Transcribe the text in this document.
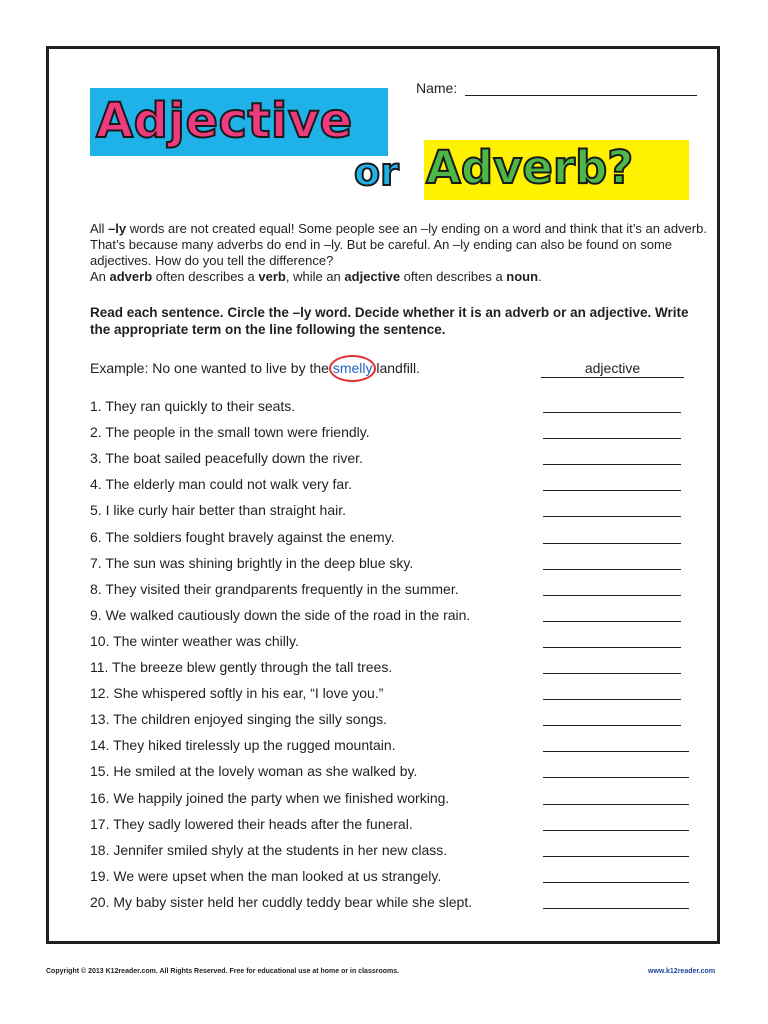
Name:
Adjective
or Adverb?

All –ly words are not created equal! Some people see an –ly ending on a word and think that it’s an adverb. That’s because many adverbs do end in –ly. But be careful. An –ly ending can also be found on some adjectives. How do you tell the difference?

An adverb often describes a verb, while an adjective often describes a noun.

Read each sentence. Circle the –ly word. Decide whether it is an adverb or an adjective. Write the appropriate term on the line following the sentence.

Example: No one wanted to live by the
smelly landfill.	adjective
1. They ran quickly to their seats.
2. The people in the small town were friendly.
3. The boat sailed peacefully down the river.
4. The elderly man could not walk very far.
5. I like curly hair better than straight hair.
6. The soldiers fought bravely against the enemy.
7. The sun was shining brightly in the deep blue sky.
8. They visited their grandparents frequently in the summer.
9. We walked cautiously down the side of the road in the rain.
10. The winter weather was chilly.
11. The breeze blew gently through the tall trees.
12. She whispered softly in his ear, “I love you.”
13. The children enjoyed singing the silly songs.
14. They hiked tirelessly up the rugged mountain.
15. He smiled at the lovely woman as she walked by.
16. We happily joined the party when we finished working.
17. They sadly lowered their heads after the funeral.
18. Jennifer smiled shyly at the students in her new class.
19. We were upset when the man looked at us strangely.
20. My baby sister held her cuddly teddy bear while she slept.
Copyright © 2013 K12reader.com. All Rights Reserved. Free for educational use at home or in classrooms.	www.k12reader.com
